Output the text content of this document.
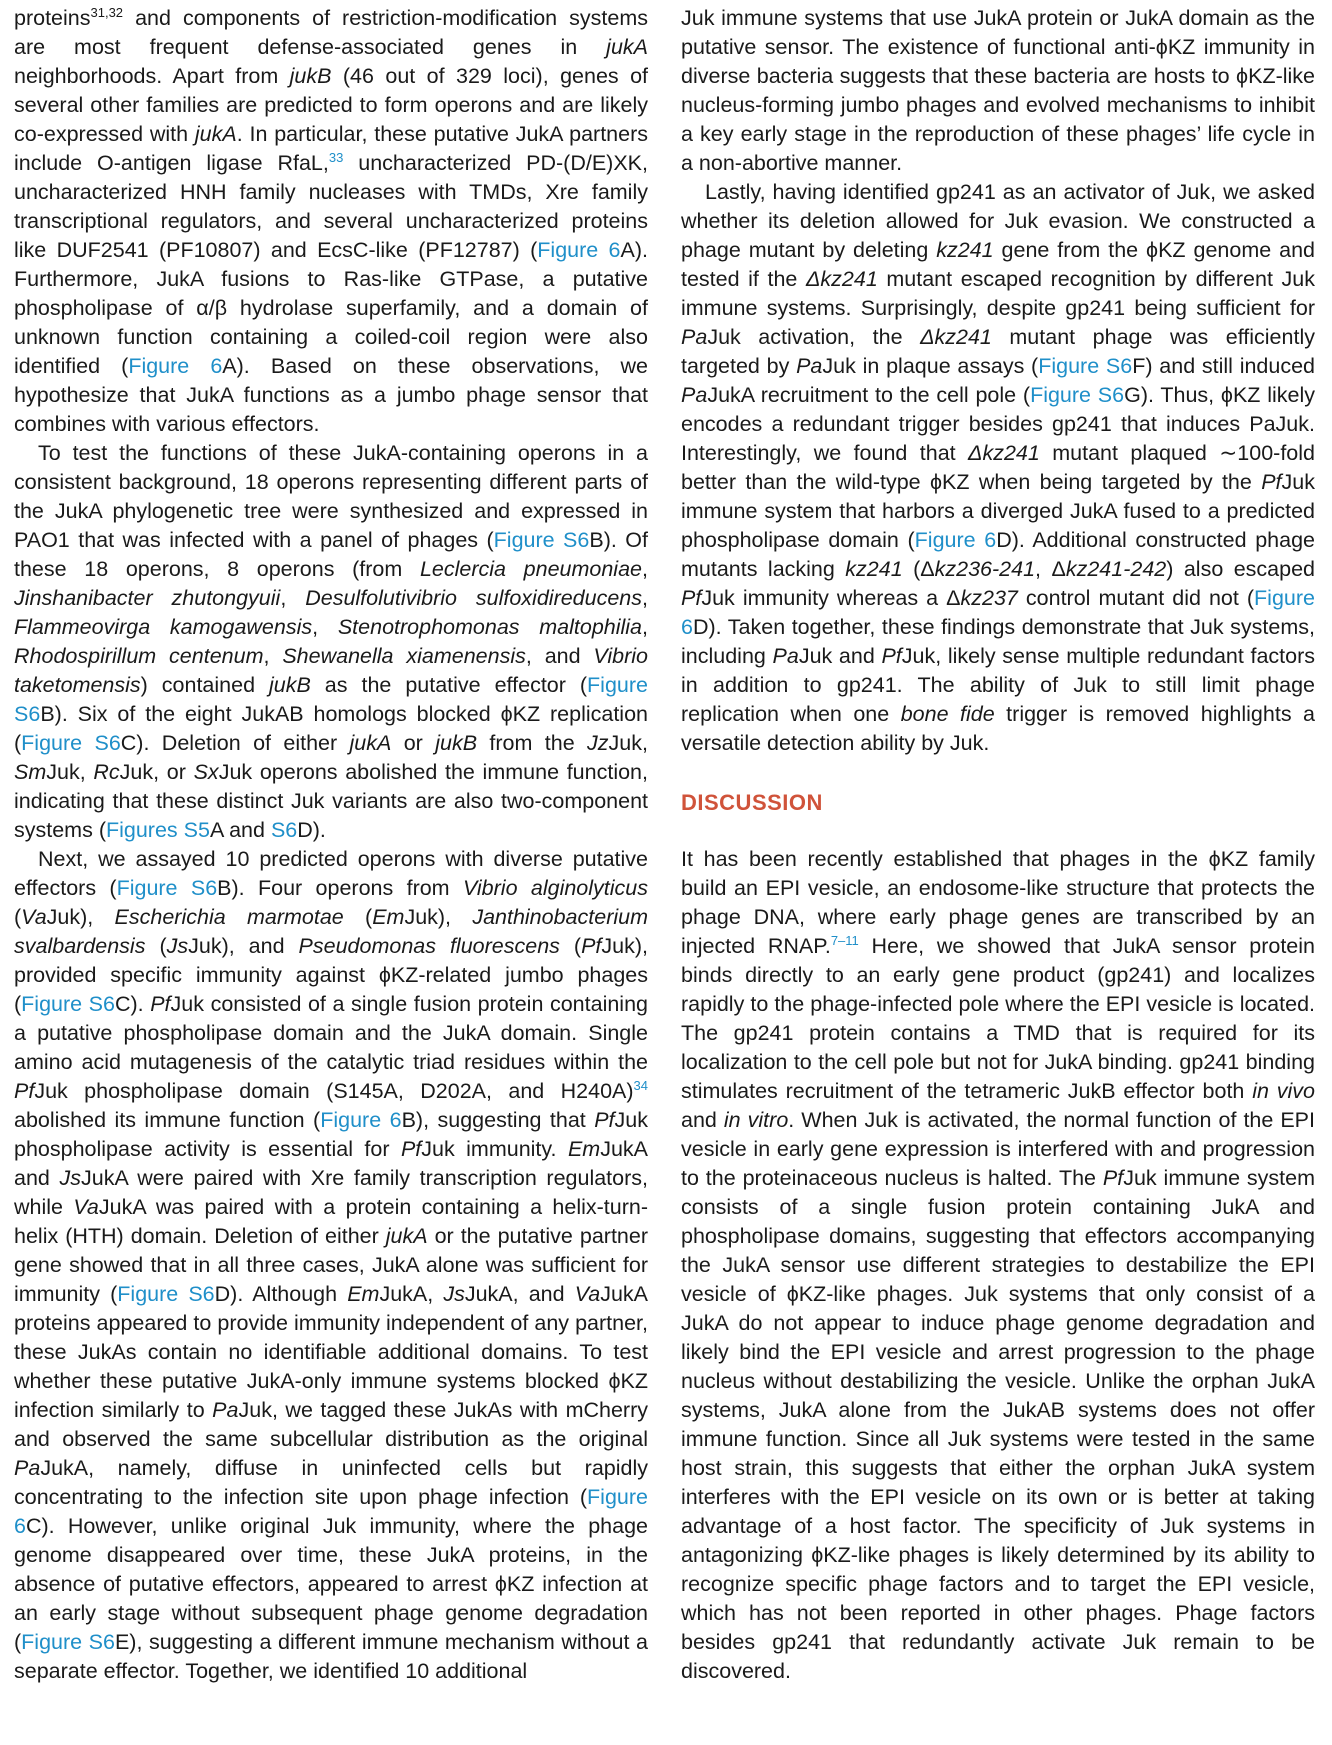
proteins$^{31,32}$ and components of restriction-modification systems are most frequent defense-associated genes in jukA neighborhoods. Apart from jukB (46 out of 329 loci), genes of several other families are predicted to form operons and are likely co-expressed with jukA. In particular, these putative JukA partners include O-antigen ligase RfaL,$^{33}$ uncharacterized PD-(D/E)XK, uncharacterized HNH family nucleases with TMDs, Xre family transcriptional regulators, and several uncharacterized proteins like DUF2541 (PF10807) and EcsC-like (PF12787) (Figure 6A). Furthermore, JukA fusions to Ras-like GTPase, a putative phospholipase of α/β hydrolase superfamily, and a domain of unknown function containing a coiled-coil region were also identified (Figure 6A). Based on these observations, we hypothesize that JukA functions as a jumbo phage sensor that combines with various effectors.

To test the functions of these JukA-containing operons in a consistent background, 18 operons representing different parts of the JukA phylogenetic tree were synthesized and expressed in PAO1 that was infected with a panel of phages (Figure S6B). Of these 18 operons, 8 operons (from Leclercia pneumoniae, Jinshanibacter zhutongyuii, Desulfolutivibrio sulfoxidireducens, Flammeovirga kamogawensis, Stenotrophomonas maltophilia, Rhodospirillum centenum, Shewanella xiamenensis, and Vibrio taketomensis) contained jukB as the putative effector (Figure S6B). Six of the eight JukAB homologs blocked ϕKZ replication (Figure S6C). Deletion of either jukA or jukB from the JzJuk, SmJuk, RcJuk, or SxJuk operons abolished the immune function, indicating that these distinct Juk variants are also two-component systems (Figures S5A and S6D).

Next, we assayed 10 predicted operons with diverse putative effectors (Figure S6B). Four operons from Vibrio alginolyticus (VaJuk), Escherichia marmotae (EmJuk), Janthinobacterium svalbardensis (JsJuk), and Pseudomonas fluorescens (PfJuk), provided specific immunity against ϕKZ-related jumbo phages (Figure S6C). PfJuk consisted of a single fusion protein containing a putative phospholipase domain and the JukA domain. Single amino acid mutagenesis of the catalytic triad residues within the PfJuk phospholipase domain (S145A, D202A, and H240A)$^{34}$ abolished its immune function (Figure 6B), suggesting that PfJuk phospholipase activity is essential for PfJuk immunity. EmJukA and JsJukA were paired with Xre family transcription regulators, while VaJukA was paired with a protein containing a helix-turn-helix (HTH) domain. Deletion of either jukA or the putative partner gene showed that in all three cases, JukA alone was sufficient for immunity (Figure S6D). Although EmJukA, JsJukA, and VaJukA proteins appeared to provide immunity independent of any partner, these JukAs contain no identifiable additional domains. To test whether these putative JukA-only immune systems blocked ϕKZ infection similarly to PaJuk, we tagged these JukAs with mCherry and observed the same subcellular distribution as the original PaJukA, namely, diffuse in uninfected cells but rapidly concentrating to the infection site upon phage infection (Figure 6C). However, unlike original Juk immunity, where the phage genome disappeared over time, these JukA proteins, in the absence of putative effectors, appeared to arrest ϕKZ infection at an early stage without subsequent phage genome degradation (Figure S6E), suggesting a different immune mechanism without a separate effector. Together, we identified 10 additional

Juk immune systems that use JukA protein or JukA domain as the putative sensor. The existence of functional anti-ϕKZ immunity in diverse bacteria suggests that these bacteria are hosts to ϕKZ-like nucleus-forming jumbo phages and evolved mechanisms to inhibit a key early stage in the reproduction of these phages’ life cycle in a non-abortive manner.

Lastly, having identified gp241 as an activator of Juk, we asked whether its deletion allowed for Juk evasion. We constructed a phage mutant by deleting kz241 gene from the ϕKZ genome and tested if the Δkz241 mutant escaped recognition by different Juk immune systems. Surprisingly, despite gp241 being sufficient for PaJuk activation, the Δkz241 mutant phage was efficiently targeted by PaJuk in plaque assays (Figure S6F) and still induced PaJukA recruitment to the cell pole (Figure S6G). Thus, ϕKZ likely encodes a redundant trigger besides gp241 that induces PaJuk. Interestingly, we found that Δkz241 mutant plaqued ∼100-fold better than the wild-type ϕKZ when being targeted by the PfJuk immune system that harbors a diverged JukA fused to a predicted phospholipase domain (Figure 6D). Additional constructed phage mutants lacking kz241 (Δkz236-241, Δkz241-242) also escaped PfJuk immunity whereas a Δkz237 control mutant did not (Figure 6D). Taken together, these findings demonstrate that Juk systems, including PaJuk and PfJuk, likely sense multiple redundant factors in addition to gp241. The ability of Juk to still limit phage replication when one bone fide trigger is removed highlights a versatile detection ability by Juk.

DISCUSSION

It has been recently established that phages in the ϕKZ family build an EPI vesicle, an endosome-like structure that protects the phage DNA, where early phage genes are transcribed by an injected RNAP.$^{7-11}$ Here, we showed that JukA sensor protein binds directly to an early gene product (gp241) and localizes rapidly to the phage-infected pole where the EPI vesicle is located. The gp241 protein contains a TMD that is required for its localization to the cell pole but not for JukA binding. gp241 binding stimulates recruitment of the tetrameric JukB effector both in vivo and in vitro. When Juk is activated, the normal function of the EPI vesicle in early gene expression is interfered with and progression to the proteinaceous nucleus is halted. The PfJuk immune system consists of a single fusion protein containing JukA and phospholipase domains, suggesting that effectors accompanying the JukA sensor use different strategies to destabilize the EPI vesicle of ϕKZ-like phages. Juk systems that only consist of a JukA do not appear to induce phage genome degradation and likely bind the EPI vesicle and arrest progression to the phage nucleus without destabilizing the vesicle. Unlike the orphan JukA systems, JukA alone from the JukAB systems does not offer immune function. Since all Juk systems were tested in the same host strain, this suggests that either the orphan JukA system interferes with the EPI vesicle on its own or is better at taking advantage of a host factor. The specificity of Juk systems in antagonizing ϕKZ-like phages is likely determined by its ability to recognize specific phage factors and to target the EPI vesicle, which has not been reported in other phages. Phage factors besides gp241 that redundantly activate Juk remain to be discovered.
